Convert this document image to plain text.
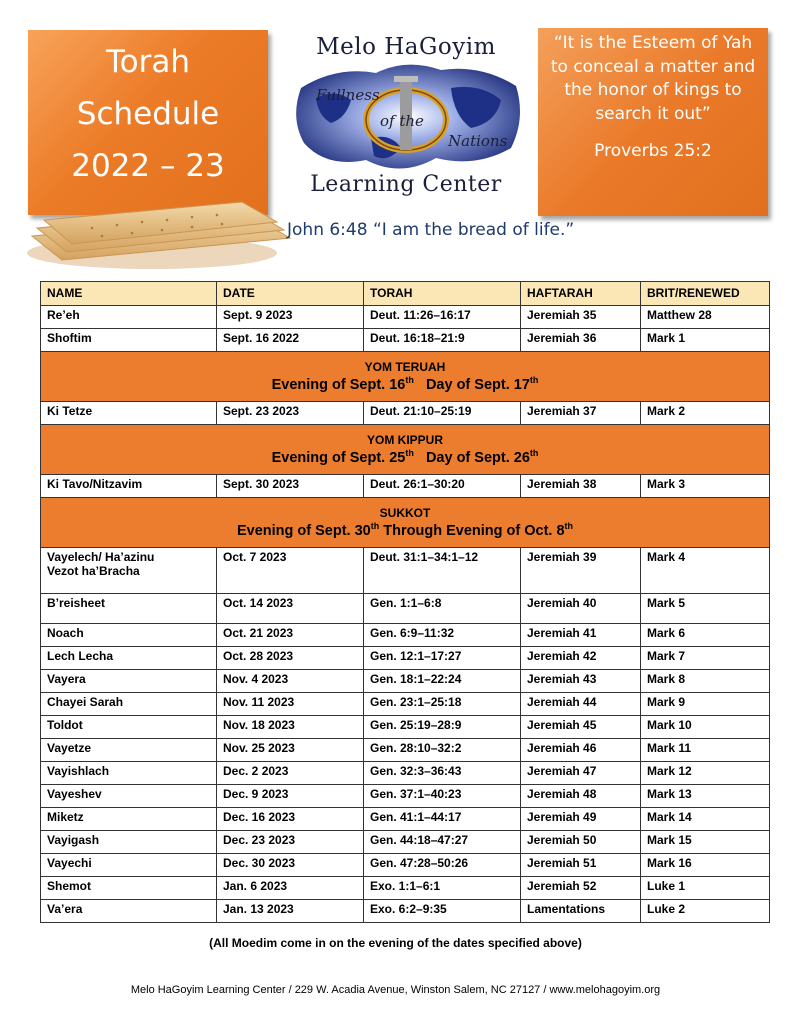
Torah
Schedule
2022 – 23
Melo HaGoyim
Fullness
of the
Nations
Learning Center
“It is the Esteem of Yah to conceal a matter and the honor of kings to search it out”
Proverbs 25:2
John 6:48 “I am the bread of life.”
NAME	DATE	TORAH	HAFTARAH	BRIT/RENEWED
Re’eh	Sept. 9 2023	Deut. 11:26–16:17	Jeremiah 35	Matthew 28
Shoftim	Sept. 16 2022	Deut. 16:18–21:9	Jeremiah 36	Mark 1

YOM TERUAH
Evening of Sept. 16th Day of Sept. 17th

Ki Tetze	Sept. 23 2023	Deut. 21:10–25:19	Jeremiah 37	Mark 2

YOM KIPPUR
Evening of Sept. 25th Day of Sept. 26th

Ki Tavo/Nitzavim	Sept. 30 2023	Deut. 26:1–30:20	Jeremiah 38	Mark 3

SUKKOT
Evening of Sept. 30th Through Evening of Oct. 8th

Vayelech/ Ha’azinu
Vezot ha’Bracha	Oct. 7 2023	Deut. 31:1–34:1–12	Jeremiah 39	Mark 4
B’reisheet	Oct. 14 2023	Gen. 1:1–6:8	Jeremiah 40	Mark 5
Noach	Oct. 21 2023	Gen. 6:9–11:32	Jeremiah 41	Mark 6
Lech Lecha	Oct. 28 2023	Gen. 12:1–17:27	Jeremiah 42	Mark 7
Vayera	Nov. 4 2023	Gen. 18:1–22:24	Jeremiah 43	Mark 8
Chayei Sarah	Nov. 11 2023	Gen. 23:1–25:18	Jeremiah 44	Mark 9
Toldot	Nov. 18 2023	Gen. 25:19–28:9	Jeremiah 45	Mark 10
Vayetze	Nov. 25 2023	Gen. 28:10–32:2	Jeremiah 46	Mark 11
Vayishlach	Dec. 2 2023	Gen. 32:3–36:43	Jeremiah 47	Mark 12
Vayeshev	Dec. 9 2023	Gen. 37:1–40:23	Jeremiah 48	Mark 13
Miketz	Dec. 16 2023	Gen. 41:1–44:17	Jeremiah 49	Mark 14
Vayigash	Dec. 23 2023	Gen. 44:18–47:27	Jeremiah 50	Mark 15
Vayechi	Dec. 30 2023	Gen. 47:28–50:26	Jeremiah 51	Mark 16
Shemot	Jan. 6 2023	Exo. 1:1–6:1	Jeremiah 52	Luke 1
Va’era	Jan. 13 2023	Exo. 6:2–9:35	Lamentations	Luke 2
(All Moedim come in on the evening of the dates specified above)
Melo HaGoyim Learning Center / 229 W. Acadia Avenue, Winston Salem, NC 27127 / www.melohagoyim.org
